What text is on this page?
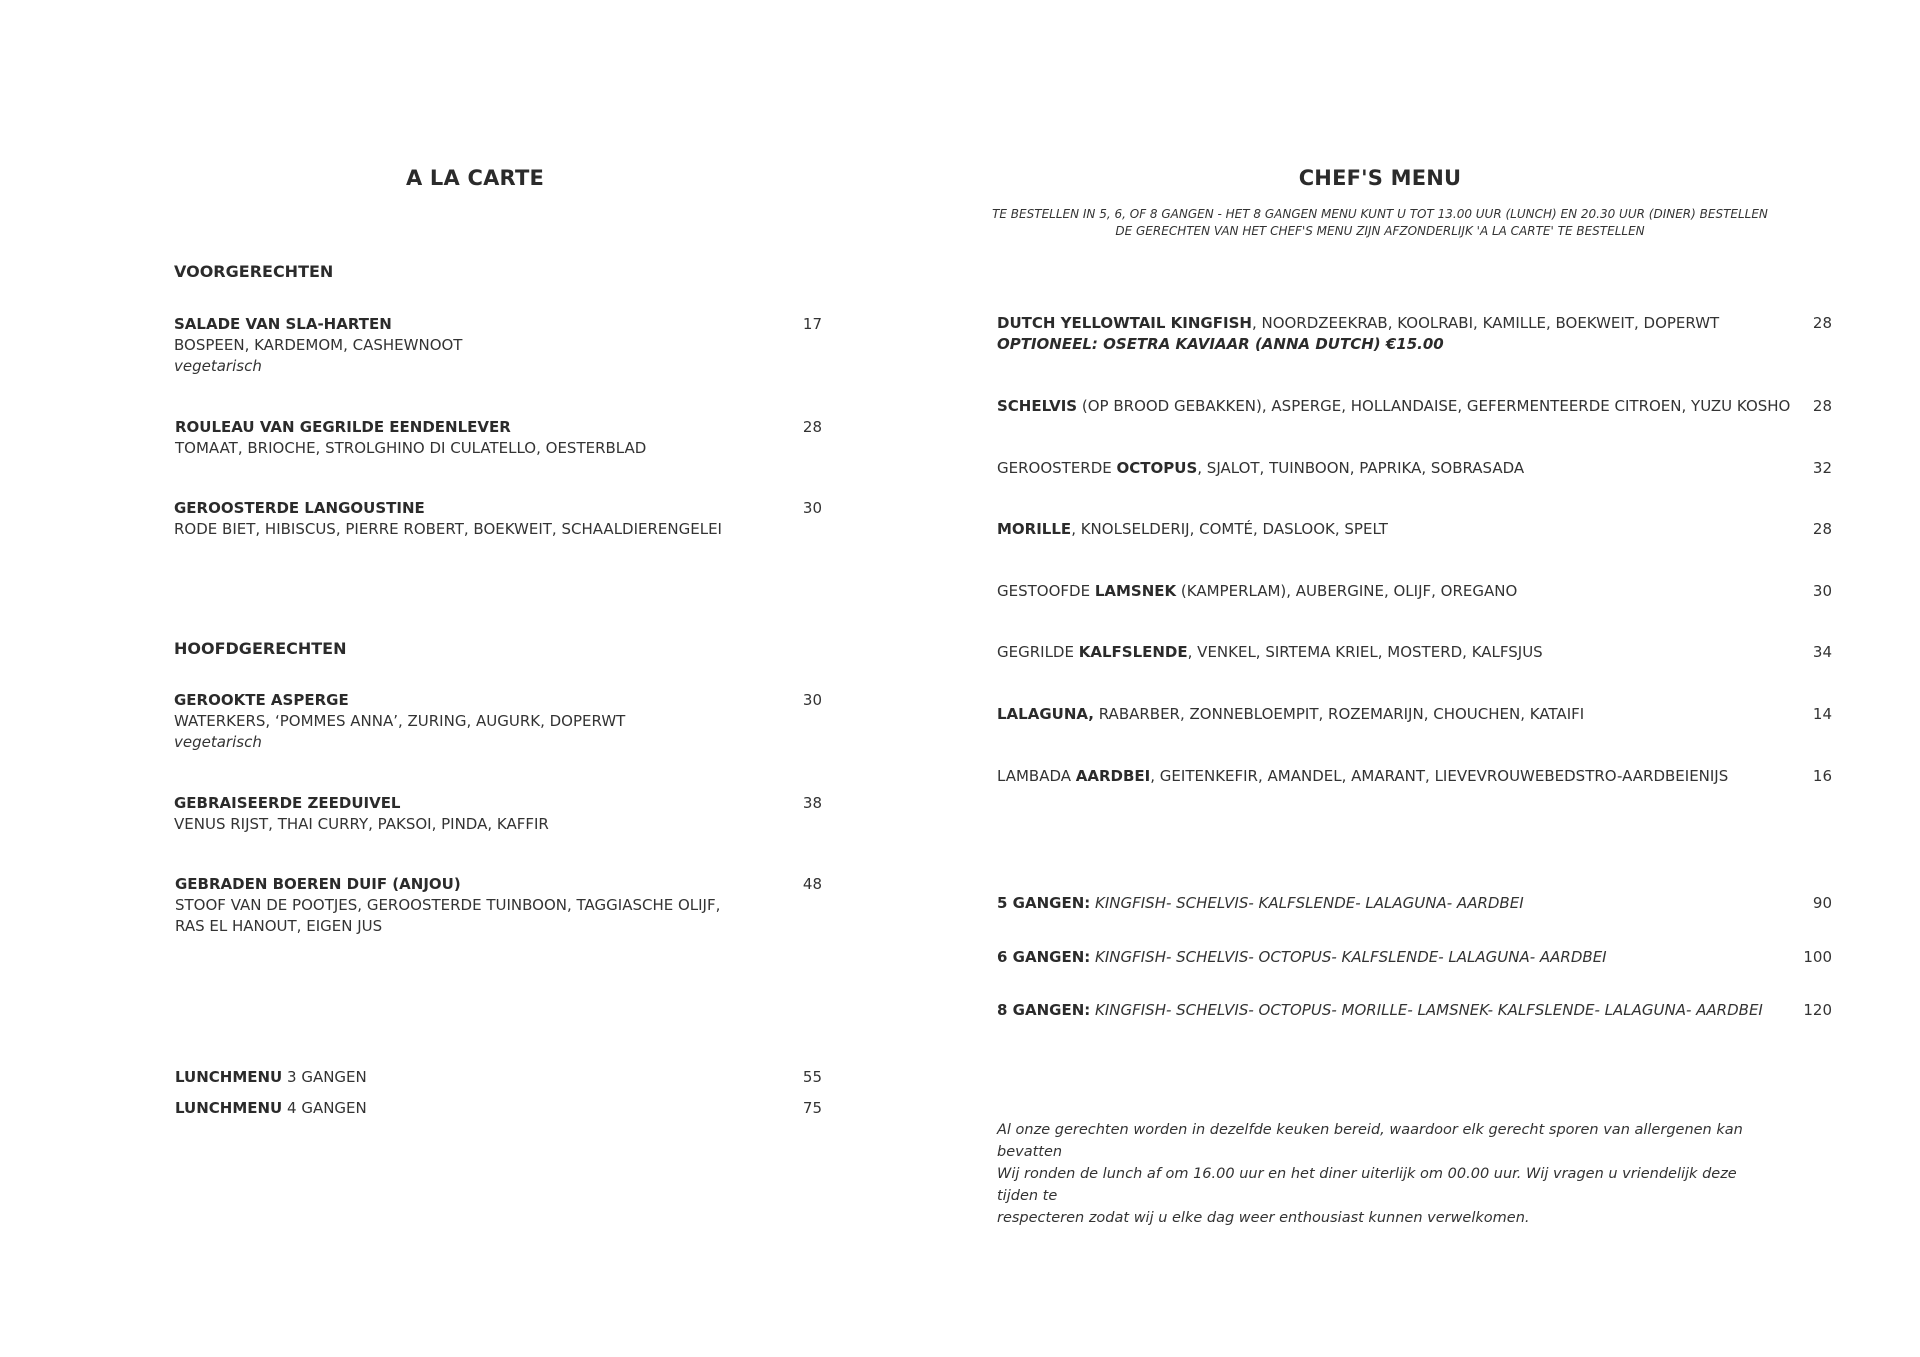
A LA CARTE
VOORGERECHTEN
SALADE VAN SLA-HARTEN
BOSPEEN, KARDEMOM, CASHEWNOOT
vegetarisch
17
ROULEAU VAN GEGRILDE EENDENLEVER
TOMAAT, BRIOCHE, STROLGHINO DI CULATELLO, OESTERBLAD
28
GEROOSTERDE LANGOUSTINE
RODE BIET, HIBISCUS, PIERRE ROBERT, BOEKWEIT, SCHAALDIERENGELEI
30
HOOFDGERECHTEN
GEROOKTE ASPERGE
WATERKERS, ‘POMMES ANNA’, ZURING, AUGURK, DOPERWT
vegetarisch
30
GEBRAISEERDE ZEEDUIVEL
VENUS RIJST, THAI CURRY, PAKSOI, PINDA, KAFFIR
38
GEBRADEN BOEREN DUIF (ANJOU)
STOOF VAN DE POOTJES, GEROOSTERDE TUINBOON, TAGGIASCHE OLIJF,
RAS EL HANOUT, EIGEN JUS
48
LUNCHMENU 3 GANGEN	55
LUNCHMENU 4 GANGEN	75
CHEF'S MENU
TE BESTELLEN IN 5, 6, OF 8 GANGEN - HET 8 GANGEN MENU KUNT U TOT 13.00 UUR (LUNCH) EN 20.30 UUR (DINER) BESTELLEN
DE GERECHTEN VAN HET CHEF'S MENU ZIJN AFZONDERLIJK 'A LA CARTE' TE BESTELLEN
DUTCH YELLOWTAIL KINGFISH, NOORDZEEKRAB, KOOLRABI, KAMILLE, BOEKWEIT, DOPERWT
OPTIONEEL: OSETRA KAVIAAR (ANNA DUTCH) €15.00
28
SCHELVIS (OP BROOD GEBAKKEN), ASPERGE, HOLLANDAISE, GEFERMENTEERDE CITROEN, YUZU KOSHO	28
GEROOSTERDE OCTOPUS, SJALOT, TUINBOON, PAPRIKA, SOBRASADA	32
MORILLE, KNOLSELDERIJ, COMTÉ, DASLOOK, SPELT	28
GESTOOFDE LAMSNEK (KAMPERLAM), AUBERGINE, OLIJF, OREGANO	30
GEGRILDE KALFSLENDE, VENKEL, SIRTEMA KRIEL, MOSTERD, KALFSJUS	34
LALAGUNA, RABARBER, ZONNEBLOEMPIT, ROZEMARIJN, CHOUCHEN, KATAIFI	14
LAMBADA AARDBEI, GEITENKEFIR, AMANDEL, AMARANT, LIEVEVROUWEBEDSTRO-AARDBEIENIJS	16
5 GANGEN: KINGFISH- SCHELVIS- KALFSLENDE- LALAGUNA- AARDBEI	90
6 GANGEN: KINGFISH- SCHELVIS- OCTOPUS- KALFSLENDE- LALAGUNA- AARDBEI	100
8 GANGEN: KINGFISH- SCHELVIS- OCTOPUS- MORILLE- LAMSNEK- KALFSLENDE- LALAGUNA- AARDBEI	120
Al onze gerechten worden in dezelfde keuken bereid, waardoor elk gerecht sporen van allergenen kan bevatten
Wij ronden de lunch af om 16.00 uur en het diner uiterlijk om 00.00 uur. Wij vragen u vriendelijk deze tijden te
respecteren zodat wij u elke dag weer enthousiast kunnen verwelkomen.
